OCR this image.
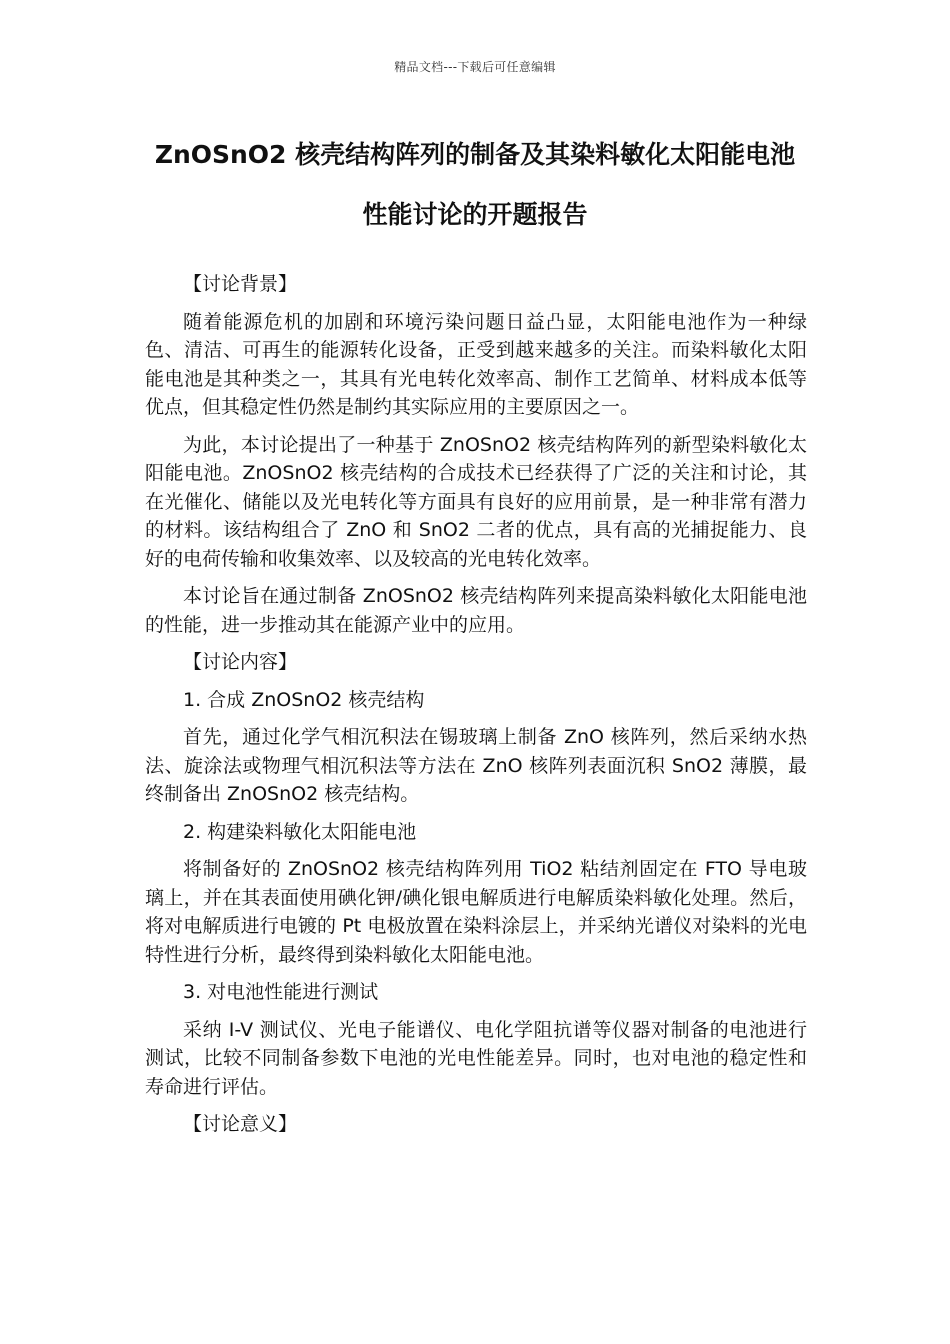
精品文档---下载后可任意编辑
ZnOSnO2 核壳结构阵列的制备及其染料敏化太阳能电池性能讨论的开题报告
【讨论背景】

随着能源危机的加剧和环境污染问题日益凸显，太阳能电池作为一种绿色、清洁、可再生的能源转化设备，正受到越来越多的关注。而染料敏化太阳能电池是其种类之一，其具有光电转化效率高、制作工艺简单、材料成本低等优点，但其稳定性仍然是制约其实际应用的主要原因之一。

为此，本讨论提出了一种基于 ZnOSnO2 核壳结构阵列的新型染料敏化太阳能电池。ZnOSnO2 核壳结构的合成技术已经获得了广泛的关注和讨论，其在光催化、储能以及光电转化等方面具有良好的应用前景，是一种非常有潜力的材料。该结构组合了 ZnO 和 SnO2 二者的优点，具有高的光捕捉能力、良好的电荷传输和收集效率、以及较高的光电转化效率。

本讨论旨在通过制备 ZnOSnO2 核壳结构阵列来提高染料敏化太阳能电池的性能，进一步推动其在能源产业中的应用。

【讨论内容】
1. 合成 ZnOSnO2 核壳结构

首先，通过化学气相沉积法在锡玻璃上制备 ZnO 核阵列，然后采纳水热法、旋涂法或物理气相沉积法等方法在 ZnO 核阵列表面沉积 SnO2 薄膜，最终制备出 ZnOSnO2 核壳结构。

2. 构建染料敏化太阳能电池

将制备好的 ZnOSnO2 核壳结构阵列用 TiO2 粘结剂固定在 FTO 导电玻璃上，并在其表面使用碘化钾/碘化银电解质进行电解质染料敏化处理。然后，将对电解质进行电镀的 Pt 电极放置在染料涂层上，并采纳光谱仪对染料的光电特性进行分析，最终得到染料敏化太阳能电池。

3. 对电池性能进行测试

采纳 I-V 测试仪、光电子能谱仪、电化学阻抗谱等仪器对制备的电池进行测试，比较不同制备参数下电池的光电性能差异。同时，也对电池的稳定性和寿命进行评估。

【讨论意义】
